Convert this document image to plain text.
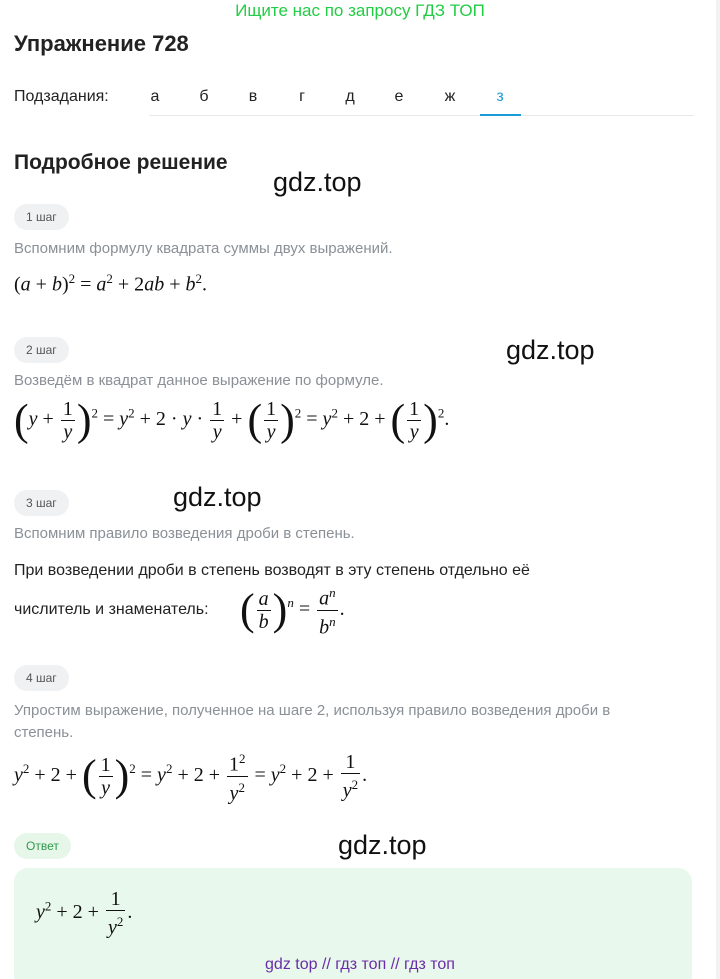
Ищите нас по запросу ГДЗ ТОП
Упражнение 728
Подзадания:	а	б	в	г	д	е	ж	з
Подробное решение
gdz.top
gdz.top
gdz.top
gdz.top
1 шаг
Вспомним формулу квадрата суммы двух выражений.
$(a + b)^2 = a^2 + 2ab + b^2$.
2 шаг
Возведём в квадрат данное выражение по формуле.
$(y + \frac{1}{y} )^2 = y^2 + 2 \cdot y \cdot \frac{1}{y}$ + ( $\frac{1}{y} )^2 = y^2 + 2$ + ( $\frac{1}{y} )^2$.
3 шаг
Вспомним правило возведения дроби в степень.
При возведении дроби в степень возводят в эту степень отдельно её
числитель и знаменатель: ( $\frac{a}{b} )^n = \frac{a^n}{b^n}$ .
4 шаг
Упростим выражение, полученное на шаге 2, используя правило возведения дроби в
степень.
$y^2 + 2$ + ( $\frac{1}{y} )^2 = y^2 + 2 + \frac{1^2}{y^2} = y^2 + 2 + \frac{1}{y^2}$ .
Ответ
$y^2 + 2 + \frac{1}{y^2}$ .
gdz top // гдз топ // гдз топ
